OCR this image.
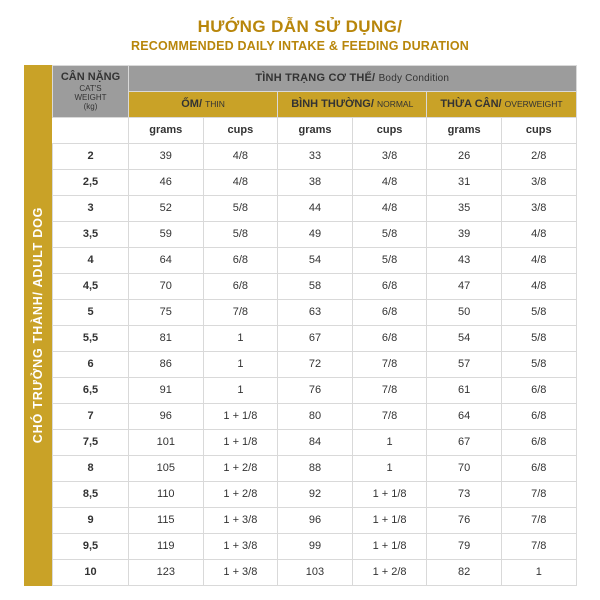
HƯỚNG DẪN SỬ DỤNG/
RECOMMENDED DAILY INTAKE & FEEDING DURATION
CHÓ TRƯỞNG THÀNH/ ADULT DOG
CÂN NẶNG
CAT'S
WEIGHT
(kg)	TÌNH TRẠNG CƠ THỂ/ Body Condition					
	ỐM/ THIN		BÌNH THƯỜNG/ NORMAL		THỪA CÂN/ OVERWEIGHT	
	grams	cups	grams	cups	grams	cups
2	39	4/8	33	3/8	26	2/8
2,5	46	4/8	38	4/8	31	3/8
3	52	5/8	44	4/8	35	3/8
3,5	59	5/8	49	5/8	39	4/8
4	64	6/8	54	5/8	43	4/8
4,5	70	6/8	58	6/8	47	4/8
5	75	7/8	63	6/8	50	5/8
5,5	81	1	67	6/8	54	5/8
6	86	1	72	7/8	57	5/8
6,5	91	1	76	7/8	61	6/8
7	96	1 + 1/8	80	7/8	64	6/8
7,5	101	1 + 1/8	84	1	67	6/8
8	105	1 + 2/8	88	1	70	6/8
8,5	110	1 + 2/8	92	1 + 1/8	73	7/8
9	115	1 + 3/8	96	1 + 1/8	76	7/8
9,5	119	1 + 3/8	99	1 + 1/8	79	7/8
10	123	1 + 3/8	103	1 + 2/8	82	1
